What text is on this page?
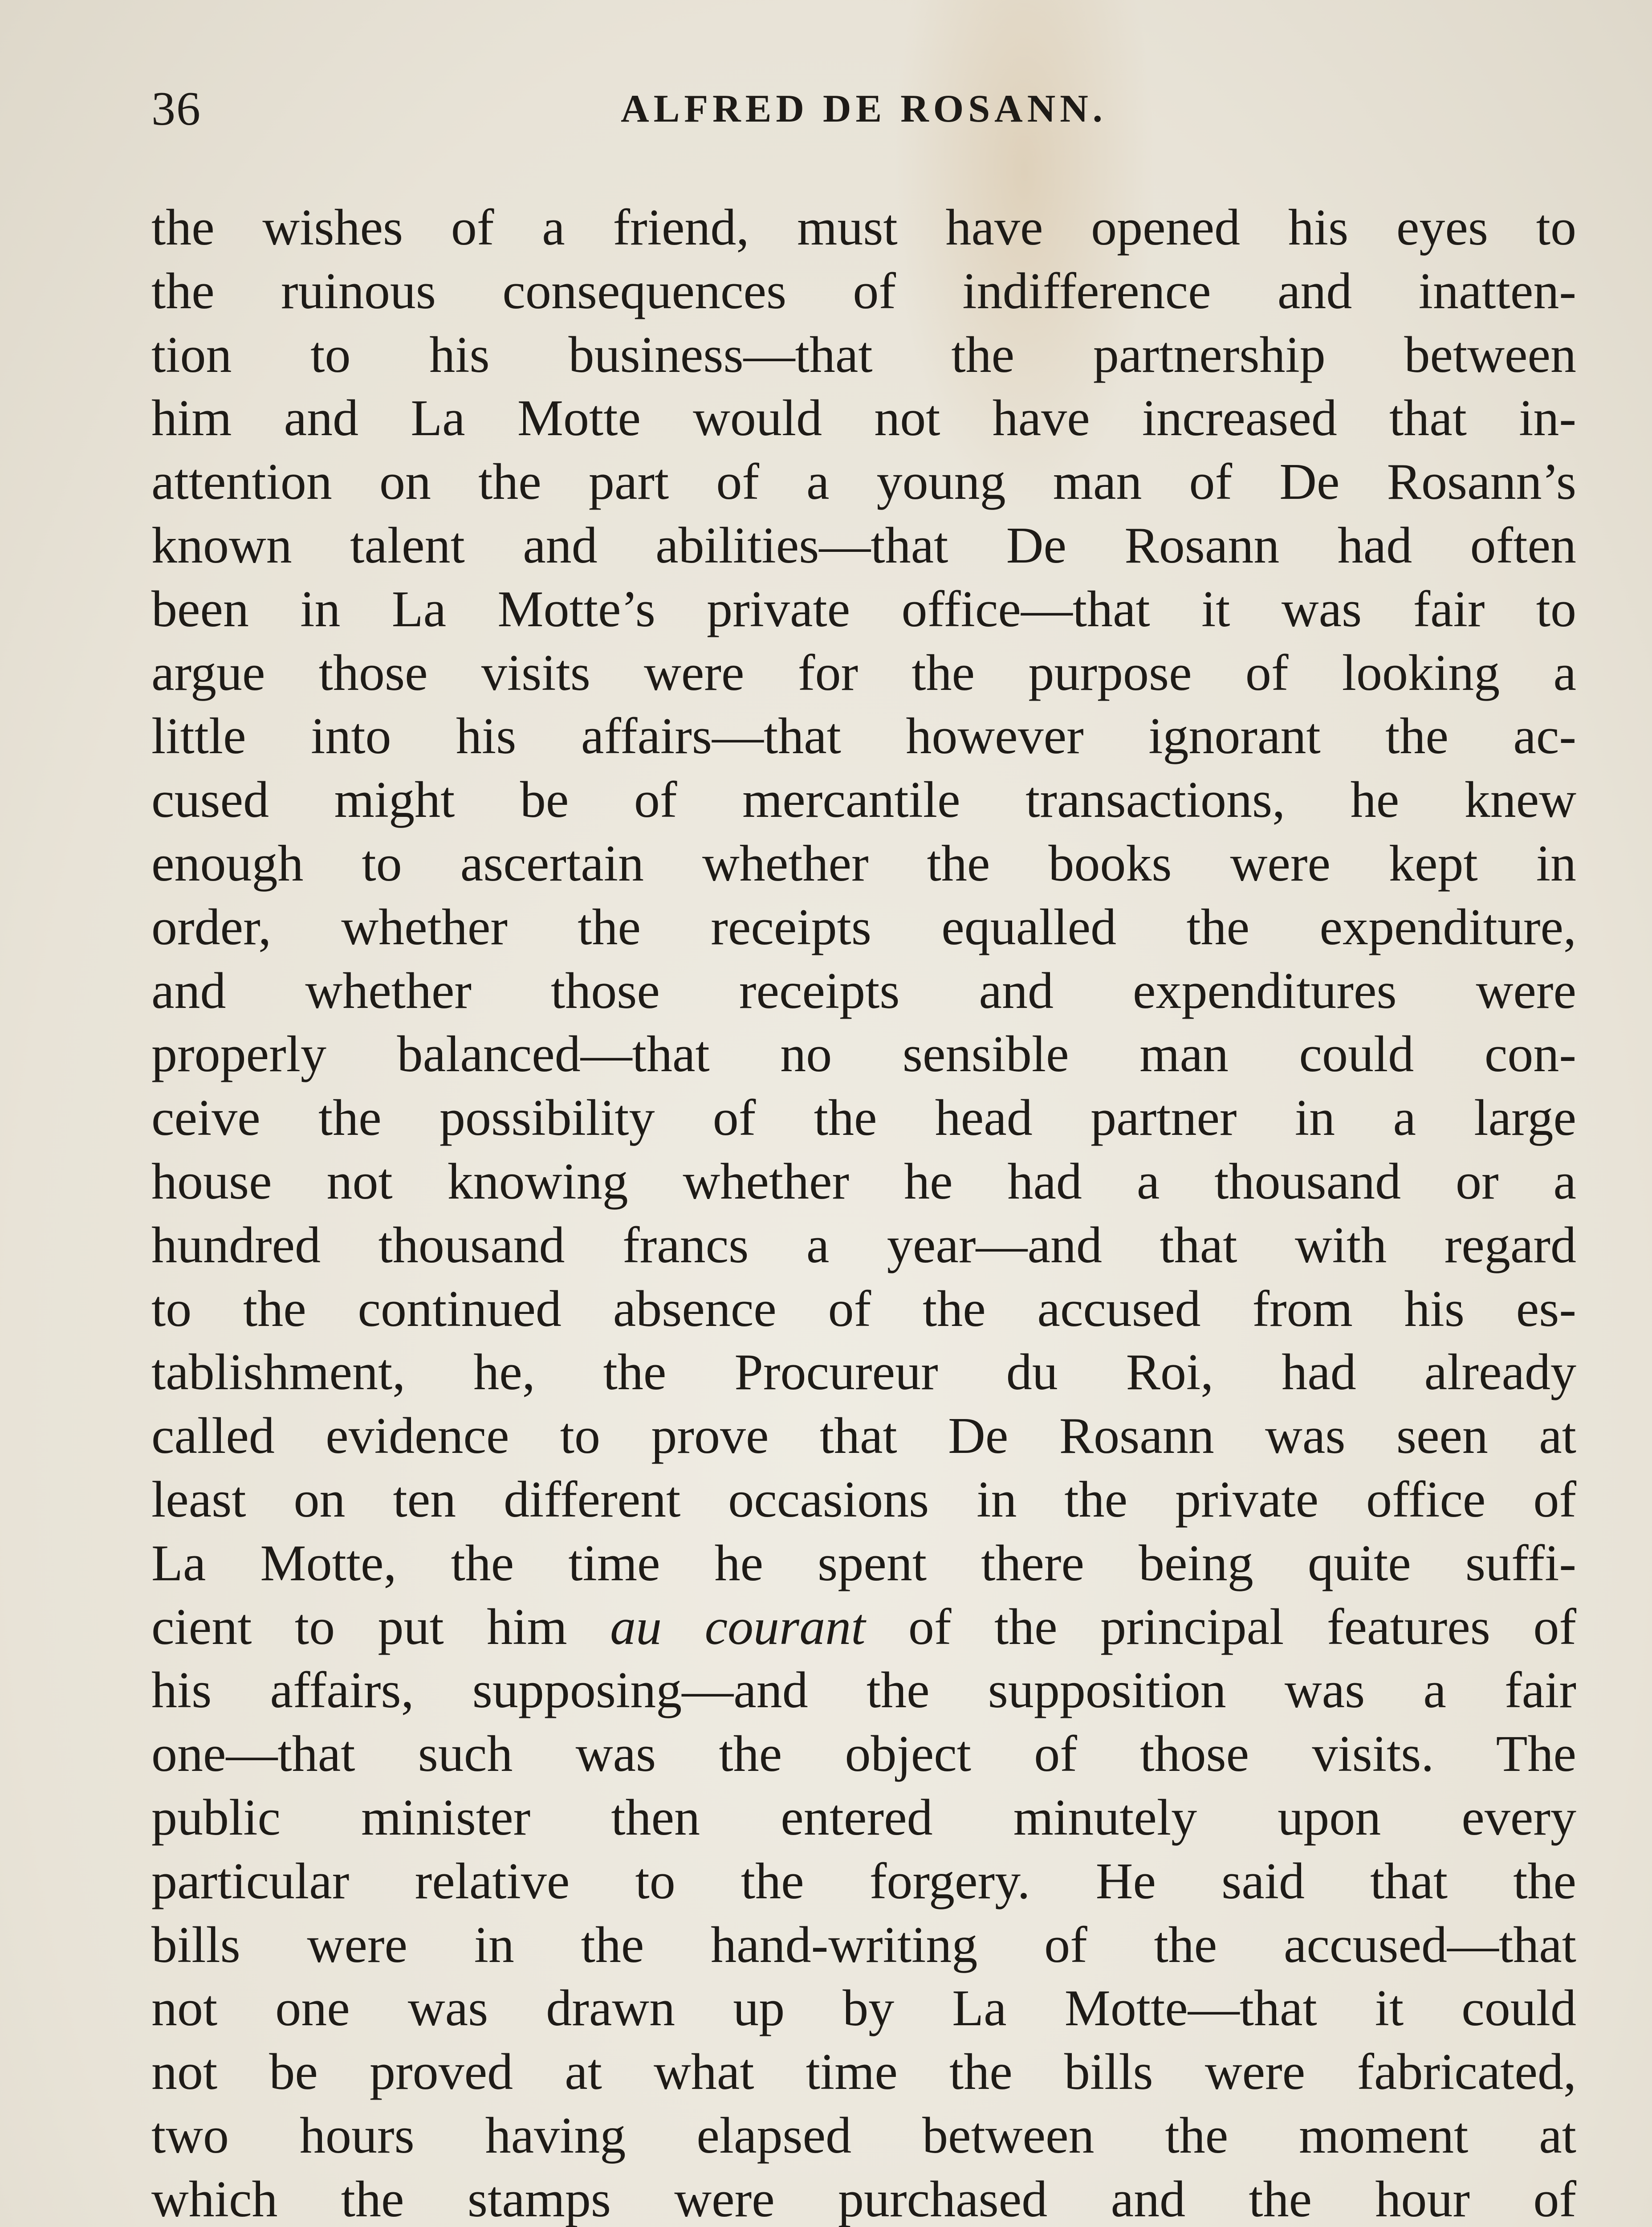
36	ALFRED DE ROSANN.
the wishes of a friend, must have opened his eyes to
the ruinous consequences of indifference and inatten-
tion to his business—that the partnership between
him and La Motte would not have increased that in-
attention on the part of a young man of De Rosann’s
known talent and abilities—that De Rosann had often
been in La Motte’s private office—that it was fair to
argue those visits were for the purpose of looking a
little into his affairs—that however ignorant the ac-
cused might be of mercantile transactions, he knew
enough to ascertain whether the books were kept in
order, whether the receipts equalled the expenditure,
and whether those receipts and expenditures were
properly balanced—that no sensible man could con-
ceive the possibility of the head partner in a large
house not knowing whether he had a thousand or a
hundred thousand francs a year—and that with regard
to the continued absence of the accused from his es-
tablishment, he, the Procureur du Roi, had already
called evidence to prove that De Rosann was seen at
least on ten different occasions in the private office of
La Motte, the time he spent there being quite suffi-
cient to put him au courant of the principal features of
his affairs, supposing—and the supposition was a fair
one—that such was the object of those visits. The
public minister then entered minutely upon every
particular relative to the forgery. He said that the
bills were in the hand-writing of the accused—that
not one was drawn up by La Motte—that it could
not be proved at what time the bills were fabricated,
two hours having elapsed between the moment at
which the stamps were purchased and the hour of
